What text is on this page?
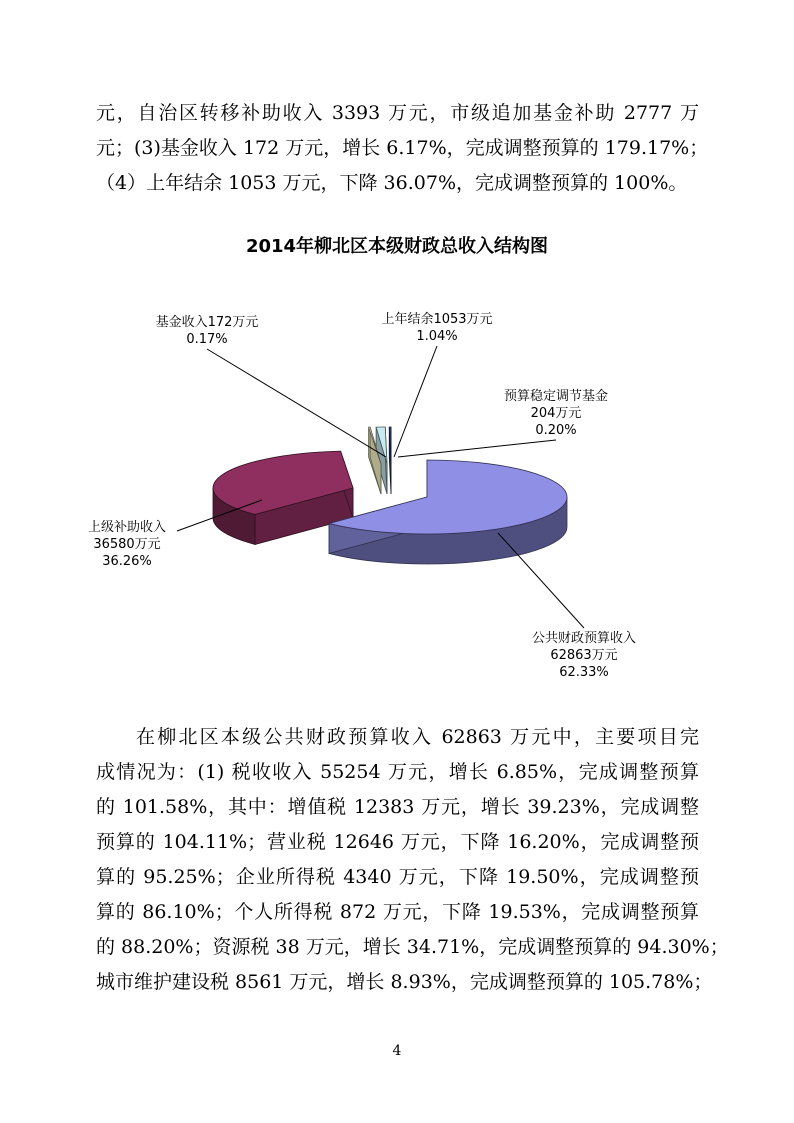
元，自治区转移补助收入 3393 万元，市级追加基金补助 2777 万
元；(3)基金收入 172 万元，增长 6.17%，完成调整预算的 179.17%；
（4）上年结余 1053 万元，下降 36.07%，完成调整预算的 100%。
2014年柳北区本级财政总收入结构图
公共财政预算收入
62863万元
62.33%
上级补助收入
36580万元
36.26%
基金收入172万元
0.17%
上年结余1053万元
1.04%
预算稳定调节基金
204万元
0.20%
在柳北区本级公共财政预算收入 62863 万元中，主要项目完
成情况为：(1) 税收收入 55254 万元，增长 6.85%，完成调整预算
的 101.58%，其中：增值税 12383 万元，增长 39.23%，完成调整
预算的 104.11%；营业税 12646 万元，下降 16.20%，完成调整预
算的 95.25%；企业所得税 4340 万元，下降 19.50%，完成调整预
算的 86.10%；个人所得税 872 万元，下降 19.53%，完成调整预算
的 88.20%；资源税 38 万元，增长 34.71%，完成调整预算的 94.30%；
城市维护建设税 8561 万元，增长 8.93%，完成调整预算的 105.78%；
4
